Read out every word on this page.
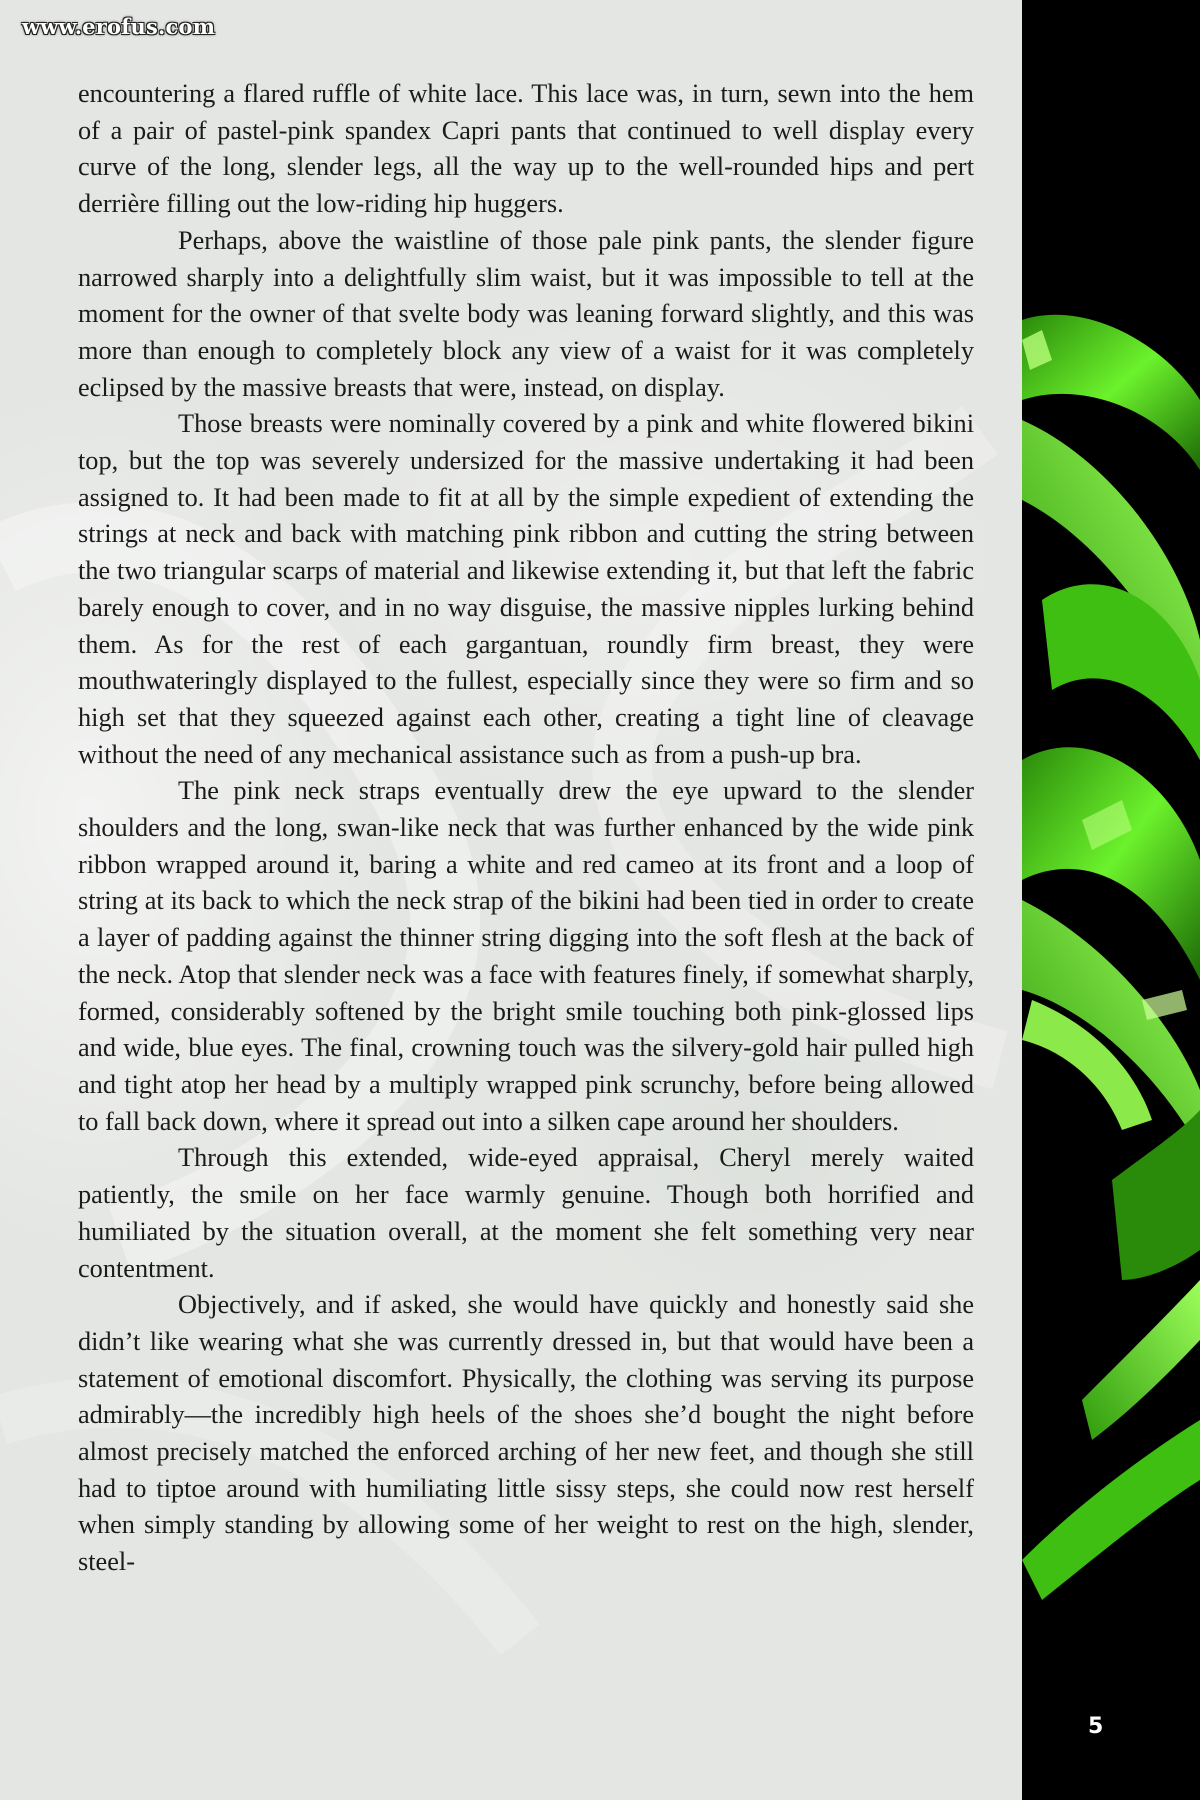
www.erofus.com

encountering a flared ruffle of white lace. This lace was, in turn, sewn into the hem of a pair of pastel-pink spandex Capri pants that continued to well display every curve of the long, slender legs, all the way up to the well-rounded hips and pert derrière filling out the low-riding hip huggers.

Perhaps, above the waistline of those pale pink pants, the slender figure narrowed sharply into a delightfully slim waist, but it was impossible to tell at the moment for the owner of that svelte body was leaning forward slightly, and this was more than enough to completely block any view of a waist for it was completely eclipsed by the massive breasts that were, instead, on display.

Those breasts were nominally covered by a pink and white flowered bikini top, but the top was severely undersized for the massive undertaking it had been assigned to. It had been made to fit at all by the simple expedient of extending the strings at neck and back with matching pink ribbon and cutting the string between the two triangular scarps of material and likewise extending it, but that left the fabric barely enough to cover, and in no way disguise, the massive nipples lurking behind them. As for the rest of each gargantuan, roundly firm breast, they were mouthwateringly displayed to the fullest, especially since they were so firm and so high set that they squeezed against each other, creating a tight line of cleavage without the need of any mechanical assistance such as from a push-up bra.

The pink neck straps eventually drew the eye upward to the slender shoulders and the long, swan-like neck that was further enhanced by the wide pink ribbon wrapped around it, baring a white and red cameo at its front and a loop of string at its back to which the neck strap of the bikini had been tied in order to create a layer of padding against the thinner string digging into the soft flesh at the back of the neck. Atop that slender neck was a face with features finely, if somewhat sharply, formed, considerably softened by the bright smile touching both pink-glossed lips and wide, blue eyes. The final, crowning touch was the silvery-gold hair pulled high and tight atop her head by a multiply wrapped pink scrunchy, before being allowed to fall back down, where it spread out into a silken cape around her shoulders.

Through this extended, wide-eyed appraisal, Cheryl merely waited patiently, the smile on her face warmly genuine. Though both horrified and humiliated by the situation overall, at the moment she felt something very near contentment.

Objectively, and if asked, she would have quickly and honestly said she didn’t like wearing what she was currently dressed in, but that would have been a statement of emotional discomfort. Physically, the clothing was serving its purpose admirably—the incredibly high heels of the shoes she’d bought the night before almost precisely matched the enforced arching of her new feet, and though she still had to tiptoe around with humiliating little sissy steps, she could now rest herself when simply standing by allowing some of her weight to rest on the high, slender, steel-

5
